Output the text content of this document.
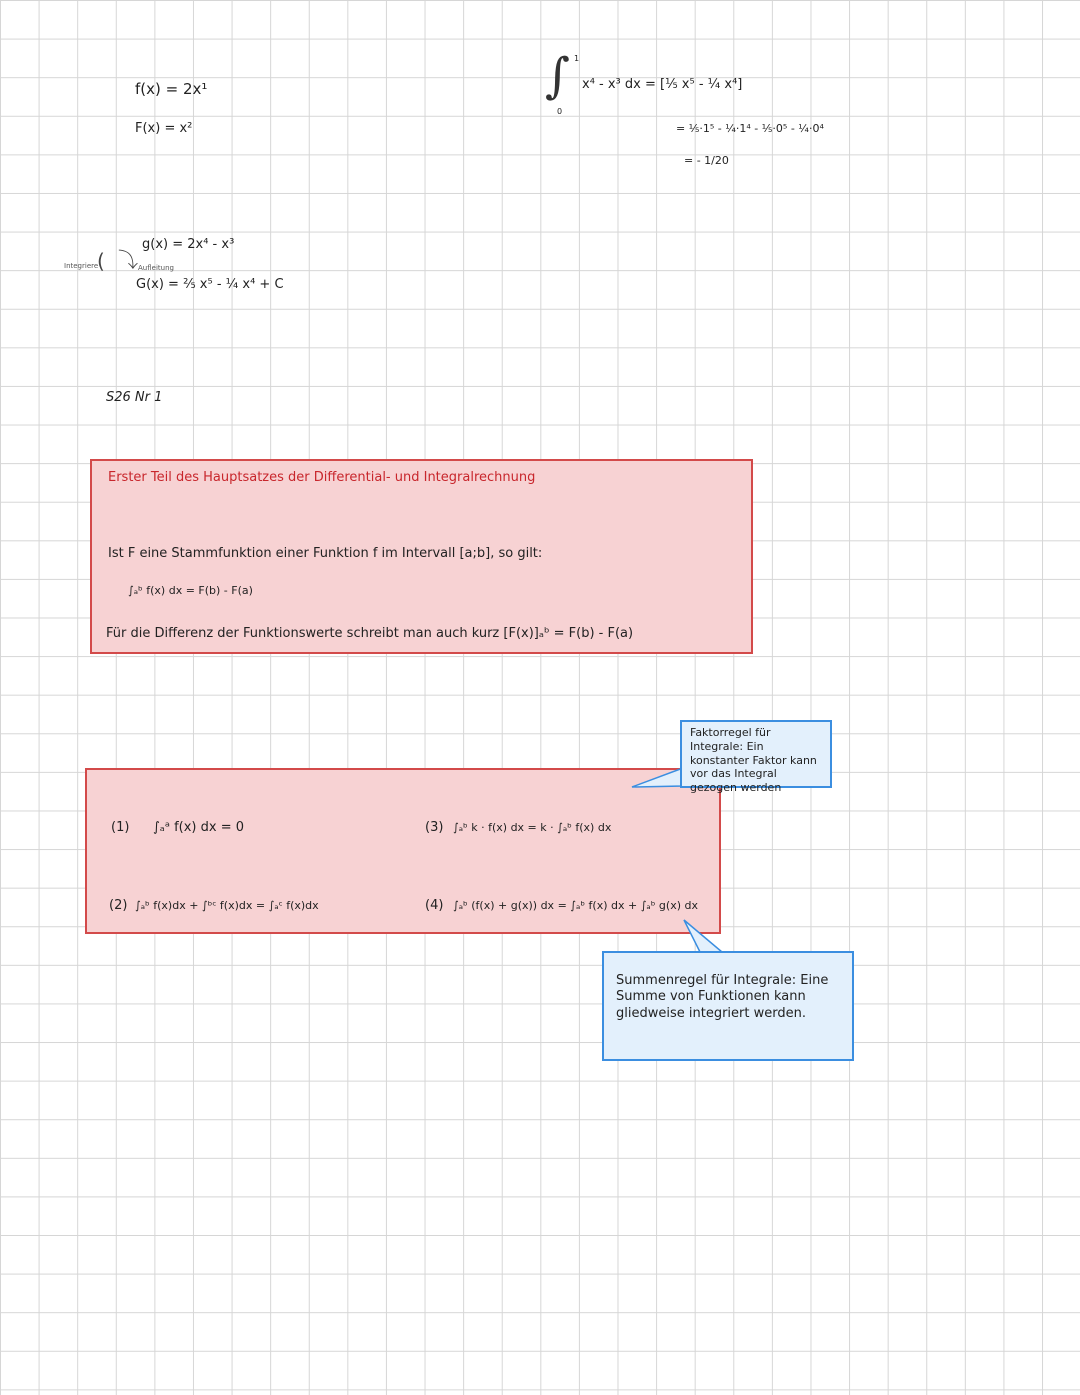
f(x) = 2x¹
F(x) = x²
g(x) = 2x⁴ - x³
G(x) = ⅖ x⁵ - ¼ x⁴ + C
Integriere
( ⤵ Aufleitung
S26 Nr 1
∫ 1
0
x⁴ - x³ dx = [⅕ x⁵ - ¼ x⁴]
= ⅕·1⁵ - ¼·1⁴ - ⅕·0⁵ - ¼·0⁴
= - 1/20
Erster Teil des Hauptsatzes der Differential- und Integralrechnung
Ist F eine Stammfunktion einer Funktion f im Intervall [a;b], so gilt:
∫ₐᵇ f(x) dx = F(b) - F(a)
Für die Differenz der Funktionswerte schreibt man auch kurz [F(x)]ₐᵇ = F(b) - F(a)
(1) ∫ₐᵃ f(x) dx = 0
(2) ∫ₐᵇ f(x)dx + ∫ᵇᶜ f(x)dx = ∫ₐᶜ f(x)dx
(3) ∫ₐᵇ k · f(x) dx = k · ∫ₐᵇ f(x) dx
(4) ∫ₐᵇ (f(x) + g(x)) dx = ∫ₐᵇ f(x) dx + ∫ₐᵇ g(x) dx
Faktorregel für Integrale: Ein konstanter Faktor kann vor das Integral gezogen werden
Summenregel für Integrale: Eine Summe von Funktionen kann gliedweise integriert werden.
